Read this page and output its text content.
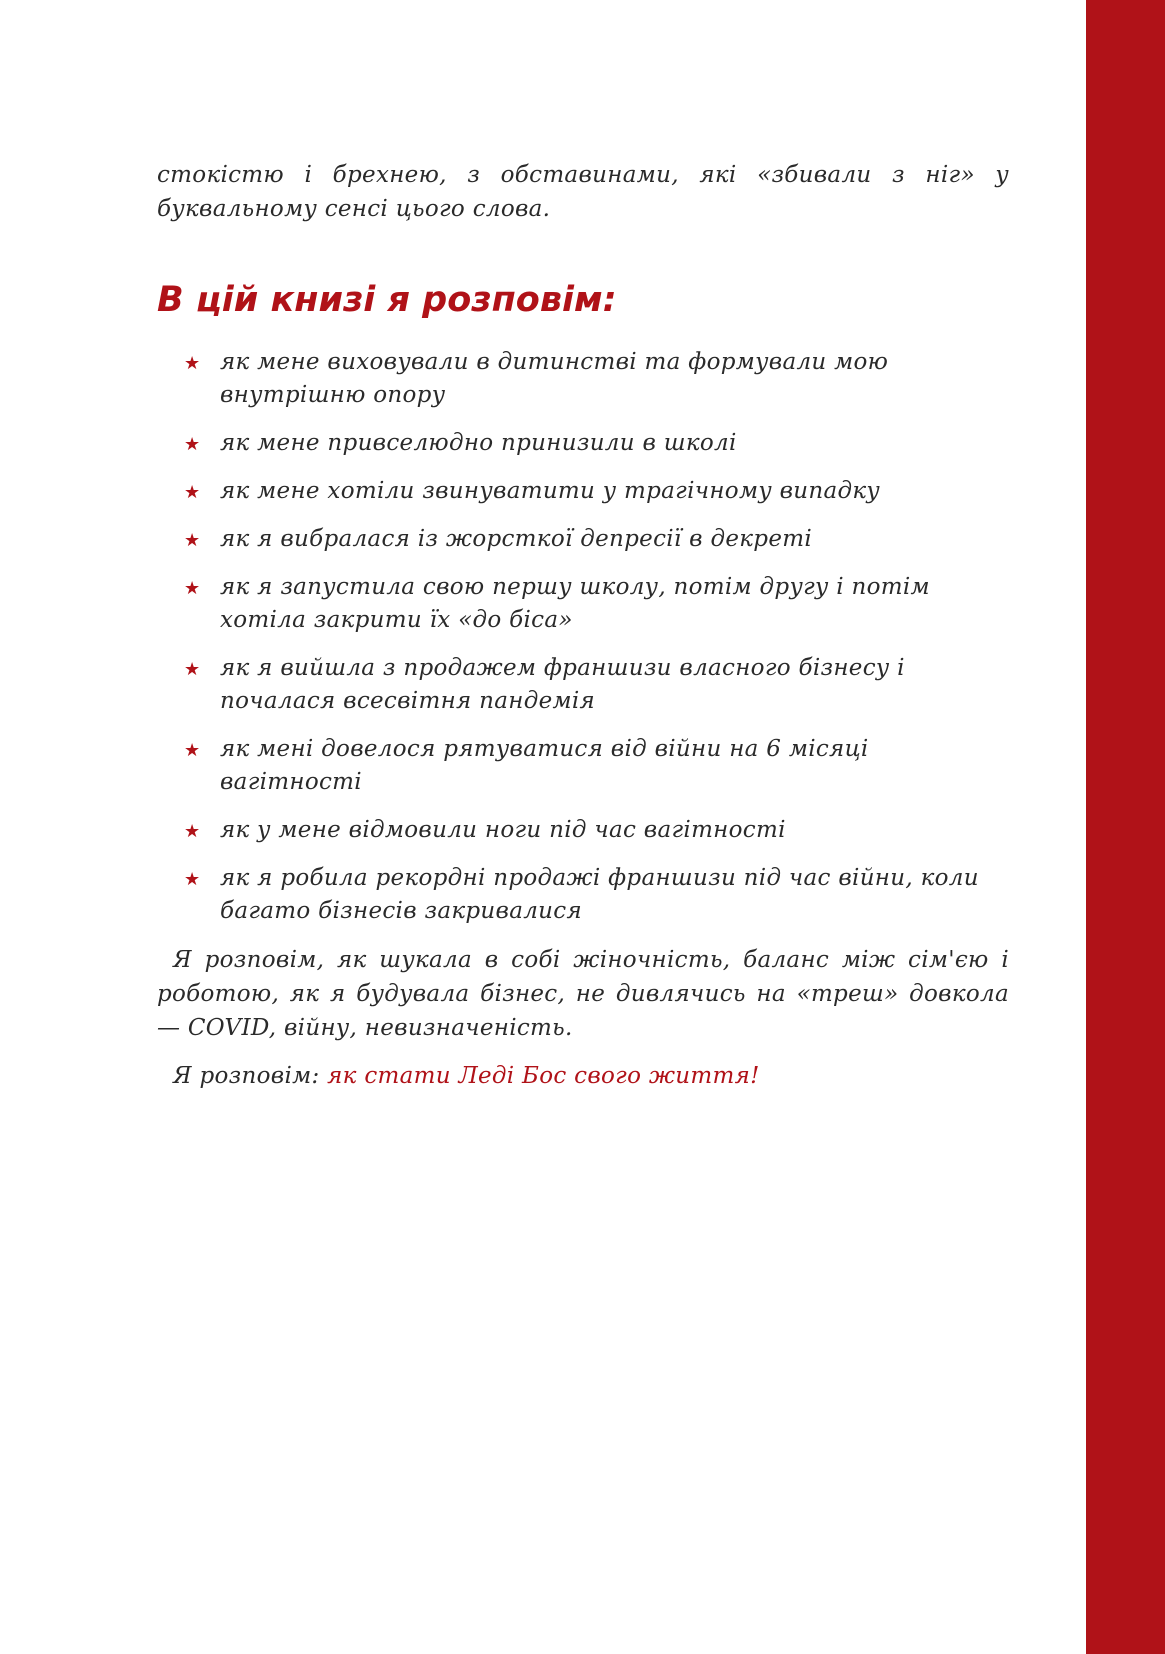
стокістю і брехнею, з обставинами, які «збивали з ніг» у буквальному сенсі цього слова.

В цій книзі я розповім:
★ як мене виховували в дитинстві та формували мою внутрішню опору
★ як мене привселюдно принизили в школі
★ як мене хотіли звинуватити у трагічному випадку
★ як я вибралася із жорсткої депресії в декреті
★ як я запустила свою першу школу, потім другу і потім хотіла закрити їх «до біса»
★ як я вийшла з продажем франшизи власного бізнесу і почалася всесвітня пандемія
★ як мені довелося рятуватися від війни на 6 місяці вагітності
★ як у мене відмовили ноги під час вагітності
★ як я робила рекордні продажі франшизи під час війни, коли багато бізнесів закривалися

Я розповім, як шукала в собі жіночність, баланс між сім'єю і роботою, як я будувала бізнес, не дивлячись на «треш» довкола — COVID, війну, невизначеність.

Я розповім: як стати Леді Бос свого життя!
